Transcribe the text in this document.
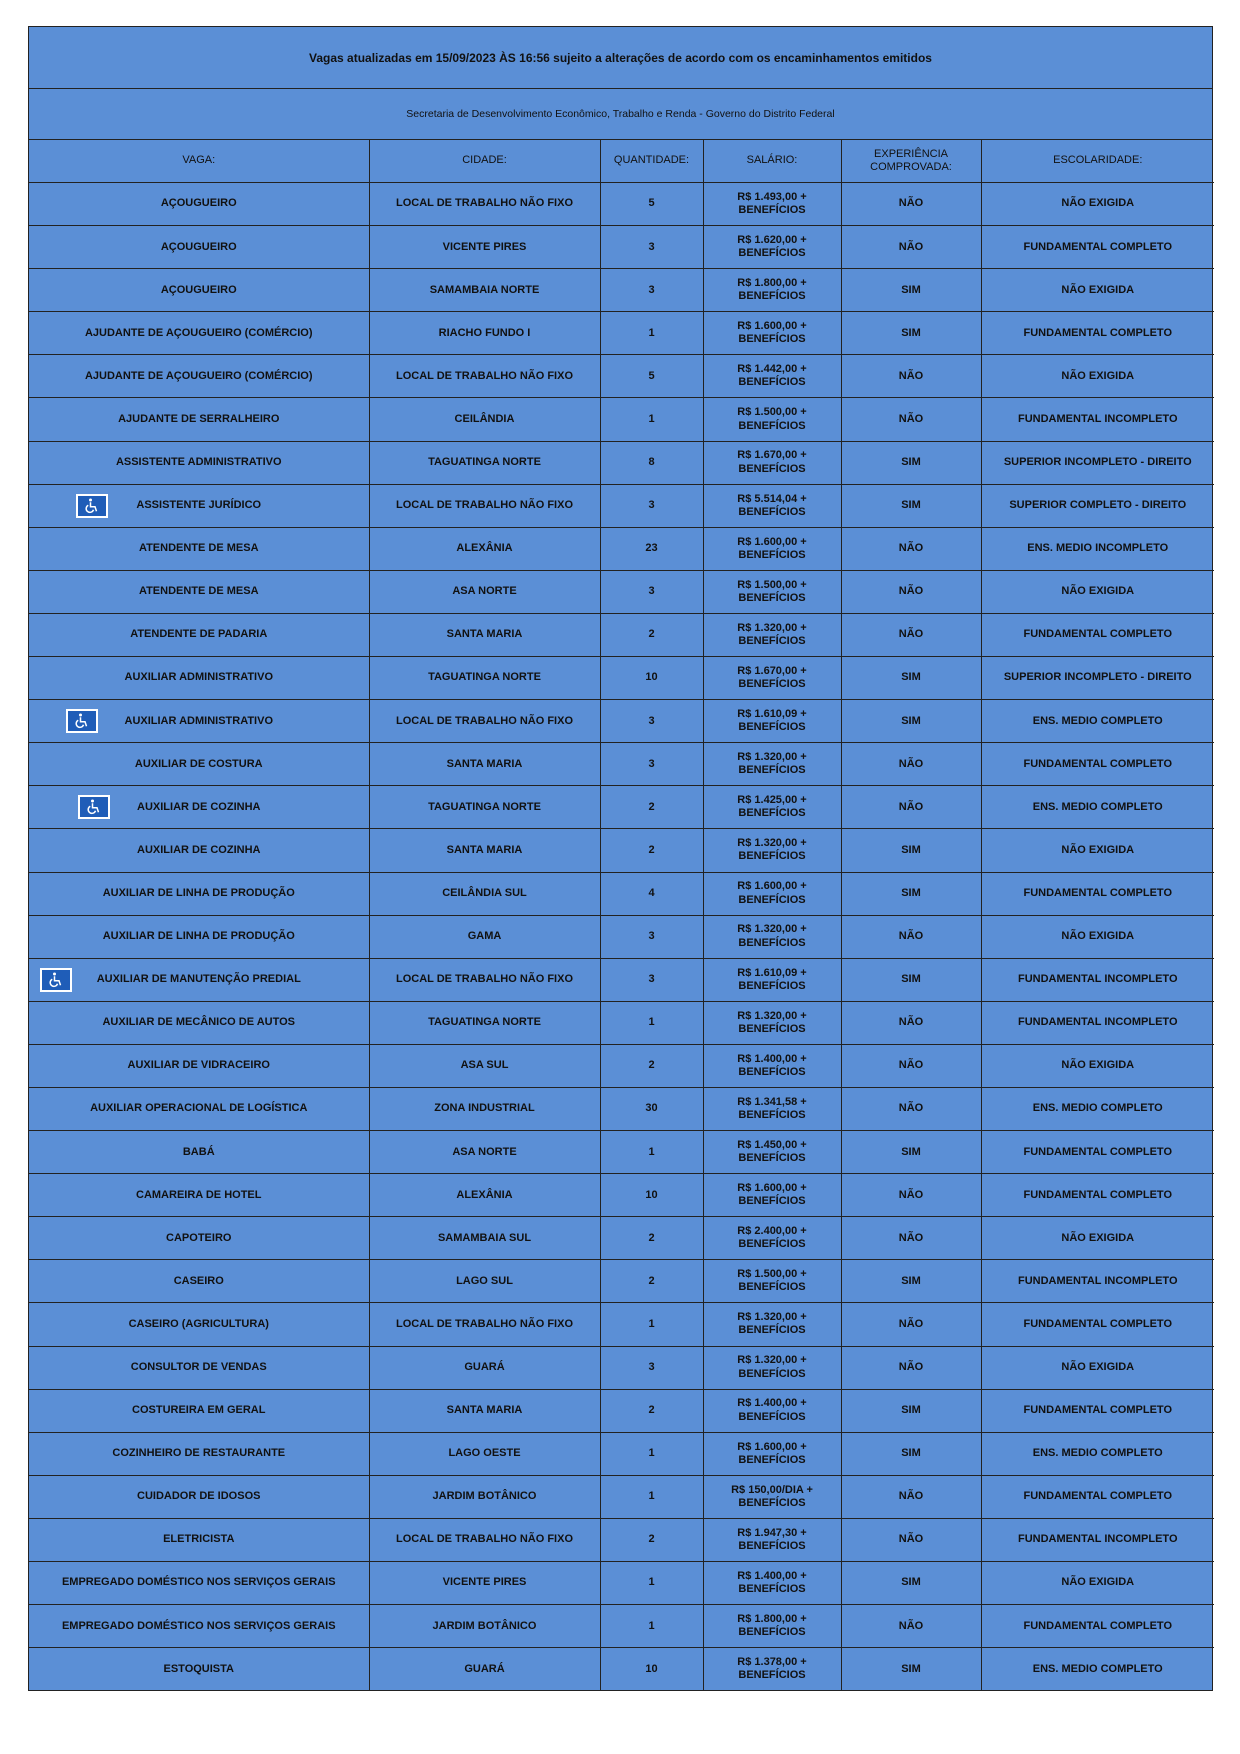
Vagas atualizadas em 15/09/2023 ÀS 16:56 sujeito a alterações de acordo com os encaminhamentos emitidos
Secretaria de Desenvolvimento Econômico, Trabalho e Renda - Governo do Distrito Federal
VAGA:	CIDADE:	QUANTIDADE:	SALÁRIO:	EXPERIÊNCIA COMPROVADA:	ESCOLARIDADE:
AÇOUGUEIRO	LOCAL DE TRABALHO NÃO FIXO	5	R$ 1.493,00 + BENEFÍCIOS	NÃO	NÃO EXIGIDA
AÇOUGUEIRO	VICENTE PIRES	3	R$ 1.620,00 + BENEFÍCIOS	NÃO	FUNDAMENTAL COMPLETO
AÇOUGUEIRO	SAMAMBAIA NORTE	3	R$ 1.800,00 + BENEFÍCIOS	SIM	NÃO EXIGIDA
AJUDANTE DE AÇOUGUEIRO (COMÉRCIO)	RIACHO FUNDO I	1	R$ 1.600,00 + BENEFÍCIOS	SIM	FUNDAMENTAL COMPLETO
AJUDANTE DE AÇOUGUEIRO (COMÉRCIO)	LOCAL DE TRABALHO NÃO FIXO	5	R$ 1.442,00 + BENEFÍCIOS	NÃO	NÃO EXIGIDA
AJUDANTE DE SERRALHEIRO	CEILÂNDIA	1	R$ 1.500,00 + BENEFÍCIOS	NÃO	FUNDAMENTAL INCOMPLETO
ASSISTENTE ADMINISTRATIVO	TAGUATINGA NORTE	8	R$ 1.670,00 + BENEFÍCIOS	SIM	SUPERIOR INCOMPLETO - DIREITO

ASSISTENTE JURÍDICO	LOCAL DE TRABALHO NÃO FIXO	3	R$ 5.514,04 + BENEFÍCIOS	SIM	SUPERIOR COMPLETO - DIREITO
ATENDENTE DE MESA	ALEXÂNIA	23	R$ 1.600,00 + BENEFÍCIOS	NÃO	ENS. MEDIO INCOMPLETO
ATENDENTE DE MESA	ASA NORTE	3	R$ 1.500,00 + BENEFÍCIOS	NÃO	NÃO EXIGIDA
ATENDENTE DE PADARIA	SANTA MARIA	2	R$ 1.320,00 + BENEFÍCIOS	NÃO	FUNDAMENTAL COMPLETO
AUXILIAR ADMINISTRATIVO	TAGUATINGA NORTE	10	R$ 1.670,00 + BENEFÍCIOS	SIM	SUPERIOR INCOMPLETO - DIREITO

AUXILIAR ADMINISTRATIVO	LOCAL DE TRABALHO NÃO FIXO	3	R$ 1.610,09 + BENEFÍCIOS	SIM	ENS. MEDIO COMPLETO
AUXILIAR DE COSTURA	SANTA MARIA	3	R$ 1.320,00 + BENEFÍCIOS	NÃO	FUNDAMENTAL COMPLETO

AUXILIAR DE COZINHA	TAGUATINGA NORTE	2	R$ 1.425,00 + BENEFÍCIOS	NÃO	ENS. MEDIO COMPLETO
AUXILIAR DE COZINHA	SANTA MARIA	2	R$ 1.320,00 + BENEFÍCIOS	SIM	NÃO EXIGIDA
AUXILIAR DE LINHA DE PRODUÇÃO	CEILÂNDIA SUL	4	R$ 1.600,00 + BENEFÍCIOS	SIM	FUNDAMENTAL COMPLETO
AUXILIAR DE LINHA DE PRODUÇÃO	GAMA	3	R$ 1.320,00 + BENEFÍCIOS	NÃO	NÃO EXIGIDA

AUXILIAR DE MANUTENÇÃO PREDIAL	LOCAL DE TRABALHO NÃO FIXO	3	R$ 1.610,09 + BENEFÍCIOS	SIM	FUNDAMENTAL INCOMPLETO
AUXILIAR DE MECÂNICO DE AUTOS	TAGUATINGA NORTE	1	R$ 1.320,00 + BENEFÍCIOS	NÃO	FUNDAMENTAL INCOMPLETO
AUXILIAR DE VIDRACEIRO	ASA SUL	2	R$ 1.400,00 + BENEFÍCIOS	NÃO	NÃO EXIGIDA
AUXILIAR OPERACIONAL DE LOGÍSTICA	ZONA INDUSTRIAL	30	R$ 1.341,58 + BENEFÍCIOS	NÃO	ENS. MEDIO COMPLETO
BABÁ	ASA NORTE	1	R$ 1.450,00 + BENEFÍCIOS	SIM	FUNDAMENTAL COMPLETO
CAMAREIRA DE HOTEL	ALEXÂNIA	10	R$ 1.600,00 + BENEFÍCIOS	NÃO	FUNDAMENTAL COMPLETO
CAPOTEIRO	SAMAMBAIA SUL	2	R$ 2.400,00 + BENEFÍCIOS	NÃO	NÃO EXIGIDA
CASEIRO	LAGO SUL	2	R$ 1.500,00 + BENEFÍCIOS	SIM	FUNDAMENTAL INCOMPLETO
CASEIRO (AGRICULTURA)	LOCAL DE TRABALHO NÃO FIXO	1	R$ 1.320,00 + BENEFÍCIOS	NÃO	FUNDAMENTAL COMPLETO
CONSULTOR DE VENDAS	GUARÁ	3	R$ 1.320,00 + BENEFÍCIOS	NÃO	NÃO EXIGIDA
COSTUREIRA EM GERAL	SANTA MARIA	2	R$ 1.400,00 + BENEFÍCIOS	SIM	FUNDAMENTAL COMPLETO
COZINHEIRO DE RESTAURANTE	LAGO OESTE	1	R$ 1.600,00 + BENEFÍCIOS	SIM	ENS. MEDIO COMPLETO
CUIDADOR DE IDOSOS	JARDIM BOTÂNICO	1	R$ 150,00/DIA + BENEFÍCIOS	NÃO	FUNDAMENTAL COMPLETO
ELETRICISTA	LOCAL DE TRABALHO NÃO FIXO	2	R$ 1.947,30 + BENEFÍCIOS	NÃO	FUNDAMENTAL INCOMPLETO
EMPREGADO DOMÉSTICO NOS SERVIÇOS GERAIS	VICENTE PIRES	1	R$ 1.400,00 + BENEFÍCIOS	SIM	NÃO EXIGIDA
EMPREGADO DOMÉSTICO NOS SERVIÇOS GERAIS	JARDIM BOTÂNICO	1	R$ 1.800,00 + BENEFÍCIOS	NÃO	FUNDAMENTAL COMPLETO
ESTOQUISTA	GUARÁ	10	R$ 1.378,00 + BENEFÍCIOS	SIM	ENS. MEDIO COMPLETO
